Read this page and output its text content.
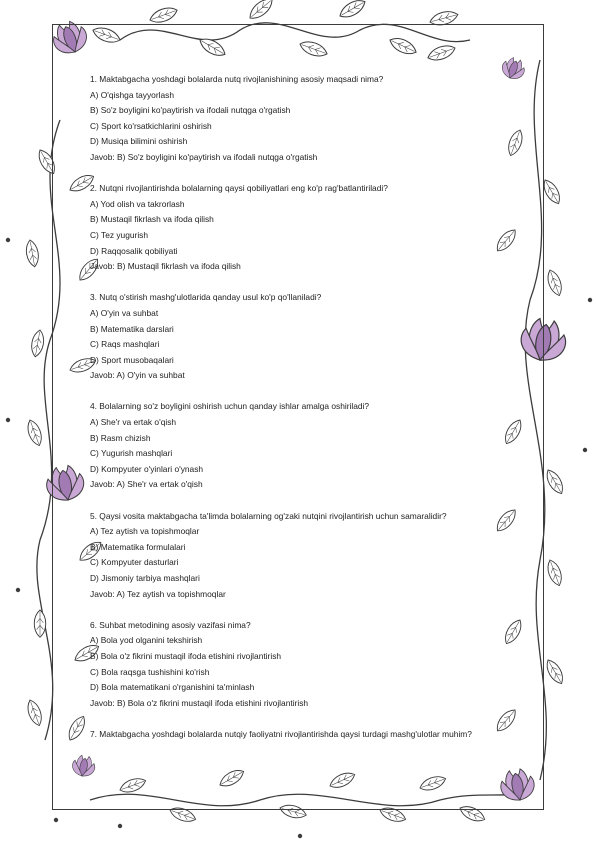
1. Maktabgacha yoshdagi bolalarda nutq rivojlanishining asosiy maqsadi nima?
A) O'qishga tayyorlash
B) So'z boyligini ko'paytirish va ifodali nutqga o'rgatish
C) Sport ko'rsatkichlarini oshirish
D) Musiqa bilimini oshirish
Javob: B) So'z boyligini ko'paytirish va ifodali nutqga o'rgatish
2. Nutqni rivojlantirishda bolalarning qaysi qobiliyatlari eng ko'p rag'batlantiriladi?
A) Yod olish va takrorlash
B) Mustaqil fikrlash va ifoda qilish
C) Tez yugurish
D) Raqqosalik qobiliyati
Javob: B) Mustaqil fikrlash va ifoda qilish
3. Nutq o'stirish mashg'ulotlarida qanday usul ko'p qo'llaniladi?
A) O'yin va suhbat
B) Matematika darslari
C) Raqs mashqlari
D) Sport musobaqalari
Javob: A) O'yin va suhbat
4. Bolalarning so'z boyligini oshirish uchun qanday ishlar amalga oshiriladi?
A) She'r va ertak o'qish
B) Rasm chizish
C) Yugurish mashqlari
D) Kompyuter o'yinlari o'ynash
Javob: A) She'r va ertak o'qish
5. Qaysi vosita maktabgacha ta'limda bolalarning og'zaki nutqini rivojlantirish uchun samaralidir?
A) Tez aytish va topishmoqlar
B) Matematika formulalari
C) Kompyuter dasturlari
D) Jismoniy tarbiya mashqlari
Javob: A) Tez aytish va topishmoqlar
6. Suhbat metodining asosiy vazifasi nima?
A) Bola yod olganini tekshirish
B) Bola o'z fikrini mustaqil ifoda etishini rivojlantirish
C) Bola raqsga tushishini ko'rish
D) Bola matematikani o'rganishini ta'minlash
Javob: B) Bola o'z fikrini mustaqil ifoda etishini rivojlantirish
7. Maktabgacha yoshdagi bolalarda nutqiy faoliyatni rivojlantirishda qaysi turdagi mashg'ulotlar muhim?
